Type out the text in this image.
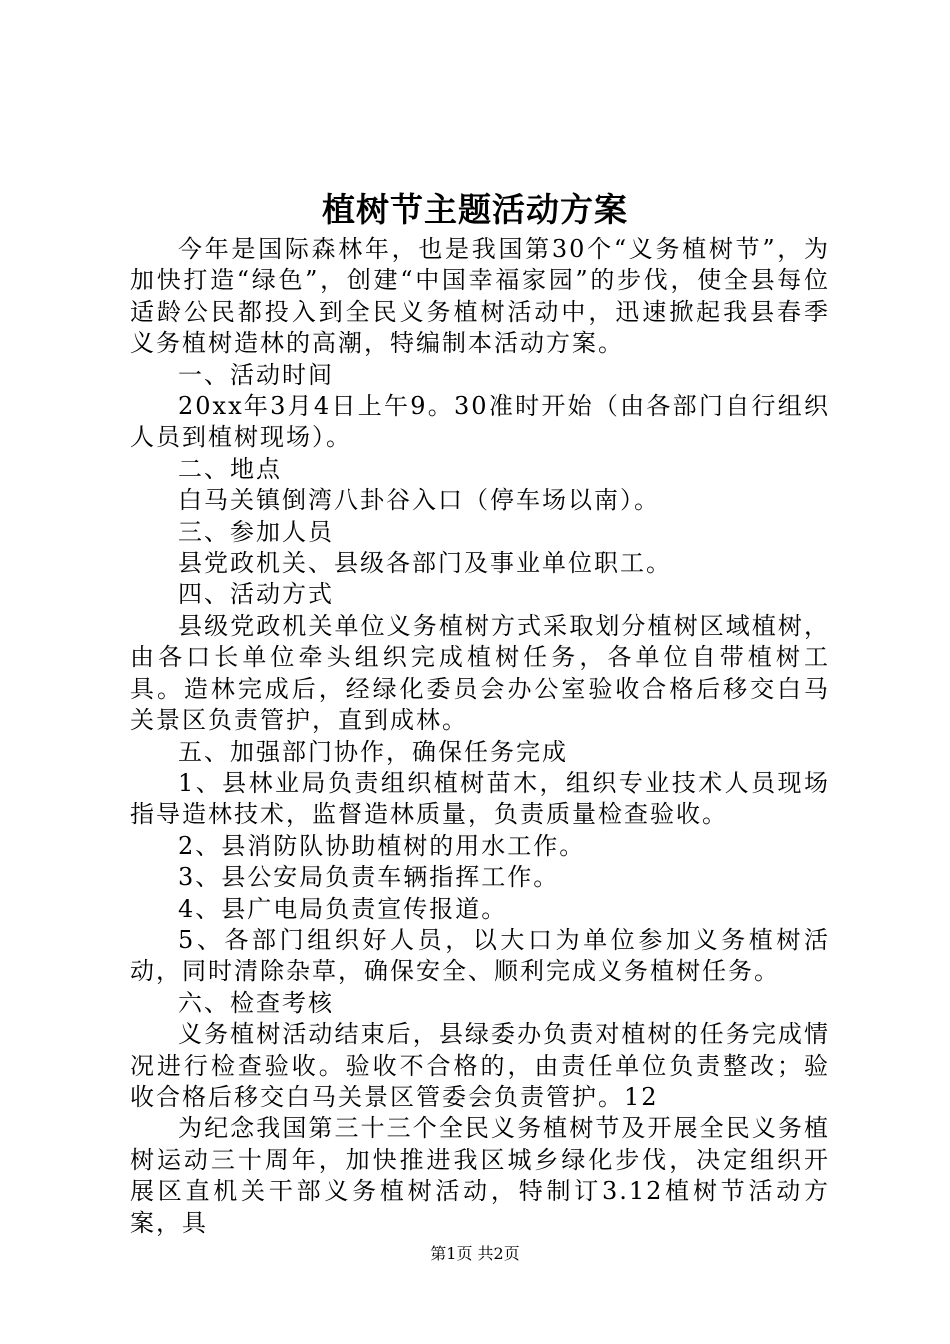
植树节主题活动方案

今年是国际森林年，也是我国第30个“义务植树节”，为加快打造“绿色”，创建“中国幸福家园”的步伐，使全县每位适龄公民都投入到全民义务植树活动中，迅速掀起我县春季义务植树造林的高潮，特编制本活动方案。

一、活动时间

20xx年3月4日上午9。30准时开始（由各部门自行组织人员到植树现场）。

二、地点

白马关镇倒湾八卦谷入口（停车场以南）。

三、参加人员

县党政机关、县级各部门及事业单位职工。

四、活动方式

县级党政机关单位义务植树方式采取划分植树区域植树，由各口长单位牵头组织完成植树任务，各单位自带植树工具。造林完成后，经绿化委员会办公室验收合格后移交白马关景区负责管护，直到成林。

五、加强部门协作，确保任务完成

1、县林业局负责组织植树苗木，组织专业技术人员现场指导造林技术，监督造林质量，负责质量检查验收。

2、县消防队协助植树的用水工作。

3、县公安局负责车辆指挥工作。

4、县广电局负责宣传报道。

5、各部门组织好人员，以大口为单位参加义务植树活动，同时清除杂草，确保安全、顺利完成义务植树任务。

六、检查考核

义务植树活动结束后，县绿委办负责对植树的任务完成情况进行检查验收。验收不合格的，由责任单位负责整改；验收合格后移交白马关景区管委会负责管护。12

为纪念我国第三十三个全民义务植树节及开展全民义务植树运动三十周年，加快推进我区城乡绿化步伐，决定组织开展区直机关干部义务植树活动，特制订3.12植树节活动方案，具

第1页 共2页
